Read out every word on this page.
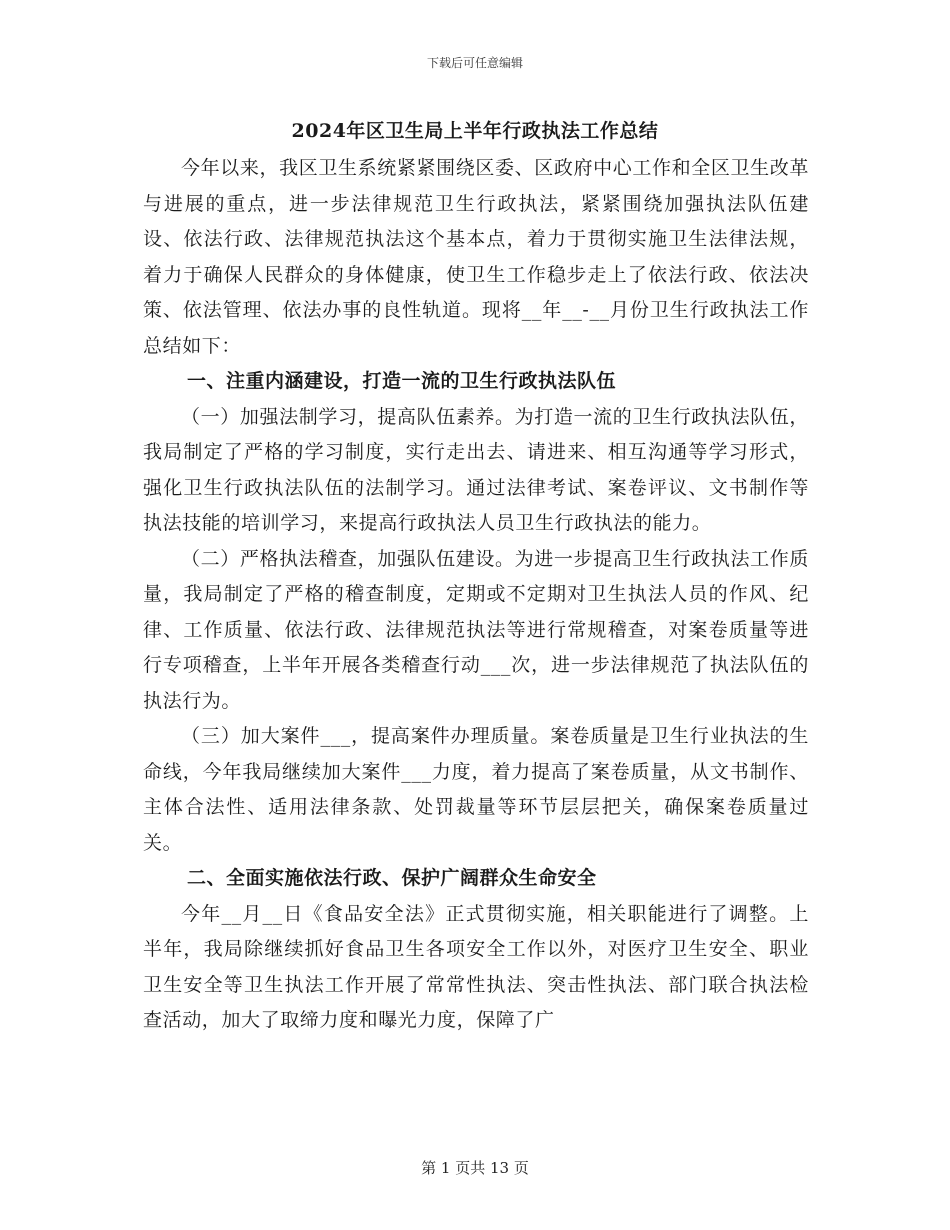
下载后可任意编辑
2024年区卫生局上半年行政执法工作总结

今年以来，我区卫生系统紧紧围绕区委、区政府中心工作和全区卫生改革与进展的重点，进一步法律规范卫生行政执法，紧紧围绕加强执法队伍建设、依法行政、法律规范执法这个基本点，着力于贯彻实施卫生法律法规，着力于确保人民群众的身体健康，使卫生工作稳步走上了依法行政、依法决策、依法管理、依法办事的良性轨道。现将__年__-__月份卫生行政执法工作总结如下：

一、注重内涵建设，打造一流的卫生行政执法队伍

（一）加强法制学习，提高队伍素养。为打造一流的卫生行政执法队伍，我局制定了严格的学习制度，实行走出去、请进来、相互沟通等学习形式，强化卫生行政执法队伍的法制学习。通过法律考试、案卷评议、文书制作等执法技能的培训学习，来提高行政执法人员卫生行政执法的能力。

（二）严格执法稽查，加强队伍建设。为进一步提高卫生行政执法工作质量，我局制定了严格的稽查制度，定期或不定期对卫生执法人员的作风、纪律、工作质量、依法行政、法律规范执法等进行常规稽查，对案卷质量等进行专项稽查，上半年开展各类稽查行动___次，进一步法律规范了执法队伍的执法行为。

（三）加大案件___，提高案件办理质量。案卷质量是卫生行业执法的生命线，今年我局继续加大案件___力度，着力提高了案卷质量，从文书制作、主体合法性、适用法律条款、处罚裁量等环节层层把关，确保案卷质量过关。

二、全面实施依法行政、保护广阔群众生命安全

今年__月__日《食品安全法》正式贯彻实施，相关职能进行了调整。上半年，我局除继续抓好食品卫生各项安全工作以外，对医疗卫生安全、职业卫生安全等卫生执法工作开展了常常性执法、突击性执法、部门联合执法检查活动，加大了取缔力度和曝光力度，保障了广

第 1 页共 13 页
